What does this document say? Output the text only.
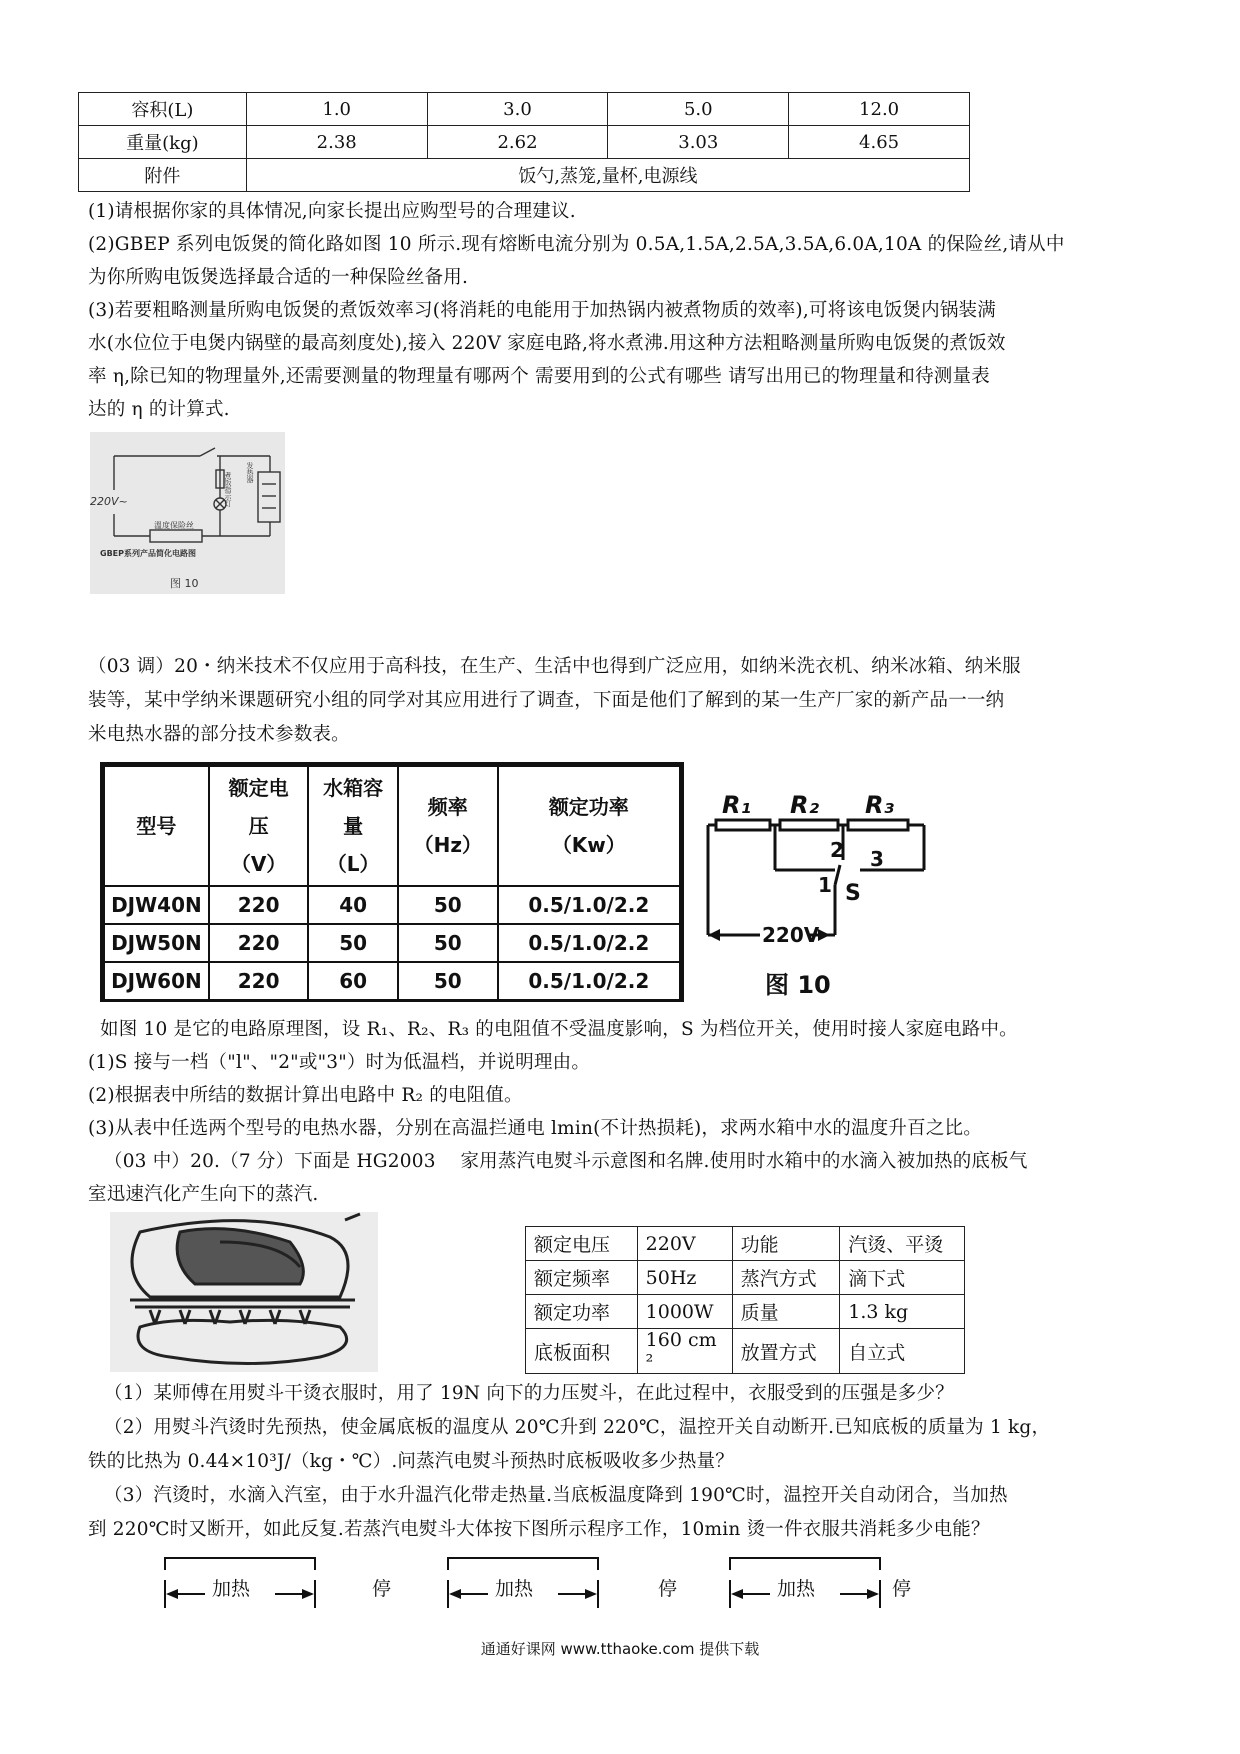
容积(L)	1.0	3.0	5.0	12.0
重量(kg)	2.38	2.62	3.03	4.65
附件	饭勺,蒸笼,量杯,电源线			
(1)请根据你家的具体情况,向家长提出应购型号的合理建议.
(2)GBEP 系列电饭煲的简化路如图 10 所示.现有熔断电流分别为 0.5A,1.5A,2.5A,3.5A,6.0A,10A 的保险丝,请从中
为你所购电饭煲选择最合适的一种保险丝备用.
(3)若要粗略测量所购电饭煲的煮饭效率习(将消耗的电能用于加热锅内被煮物质的效率),可将该电饭煲内锅装满
水(水位位于电煲内锅壁的最高刻度处),接入 220V 家庭电路,将水煮沸.用这种方法粗略测量所购电饭煲的煮饭效
率 η,除已知的物理量外,还需要测量的物理量有哪两个 需要用到的公式有哪些 请写出用已的物理量和待测量表
达的 η 的计算式.
220V~
溫度保险丝
煮饭指示灯 发热器
GBEP系列产品简化电路图
图 10
（03 调）20・纳米技术不仅应用于高科技，在生产、生活中也得到广泛应用，如纳米洗衣机、纳米冰箱、纳米服
装等，某中学纳米课题研究小组的同学对其应用进行了调查，下面是他们了解到的某一生产厂家的新产品一一纳
米电热水器的部分技术参数表。
型号	额定电
压
（V）	水箱容
量
（L）	频率
（Hz）	额定功率
（Kw）
DJW40N	220	40	50	0.5/1.0/2.2
DJW50N	220	50	50	0.5/1.0/2.2
DJW60N	220	60	50	0.5/1.0/2.2
R₁ R₂ R₃
2 3
1 S
220V
图 10
如图 10 是它的电路原理图，设 R₁、R₂、R₃ 的电阻值不受温度影响，S 为档位开关，使用时接人家庭电路中。
(1)S 接与一档（"l"、"2"或"3"）时为低温档，并说明理由。
(2)根据表中所结的数据计算出电路中 R₂ 的电阻值。
(3)从表中任选两个型号的电热水器，分别在高温拦通电 lmin(不计热损耗)，求两水箱中水的温度升百之比。
（03 中）20.（7 分）下面是 HG2003　 家用蒸汽电熨斗示意图和名牌.使用时水箱中的水滴入被加热的底板气
室迅速汽化产生向下的蒸汽.
额定电压	220V	功能	汽烫、平烫
额定频率	50Hz	蒸汽方式	滴下式
额定功率	1000W	质量	1.3 kg
底板面积	160 cm ²	放置方式	自立式
（1）某师傅在用熨斗干烫衣服时，用了 19N 向下的力压熨斗，在此过程中，衣服受到的压强是多少？
（2）用熨斗汽烫时先预热，使金属底板的温度从 20℃升到 220℃，温控开关自动断开.已知底板的质量为 1 kg，
铁的比热为 0.44×10³J/（kg・℃）.问蒸汽电熨斗预热时底板吸收多少热量？
（3）汽烫时，水滴入汽室，由于水升温汽化带走热量.当底板温度降到 190℃时，温控开关自动闭合，当加热
到 220℃时又断开，如此反复.若蒸汽电熨斗大体按下图所示程序工作，10min 烫一件衣服共消耗多少电能？
加热	停	加热	停	加热	停
通通好课网 www.tthaoke.com 提供下载
